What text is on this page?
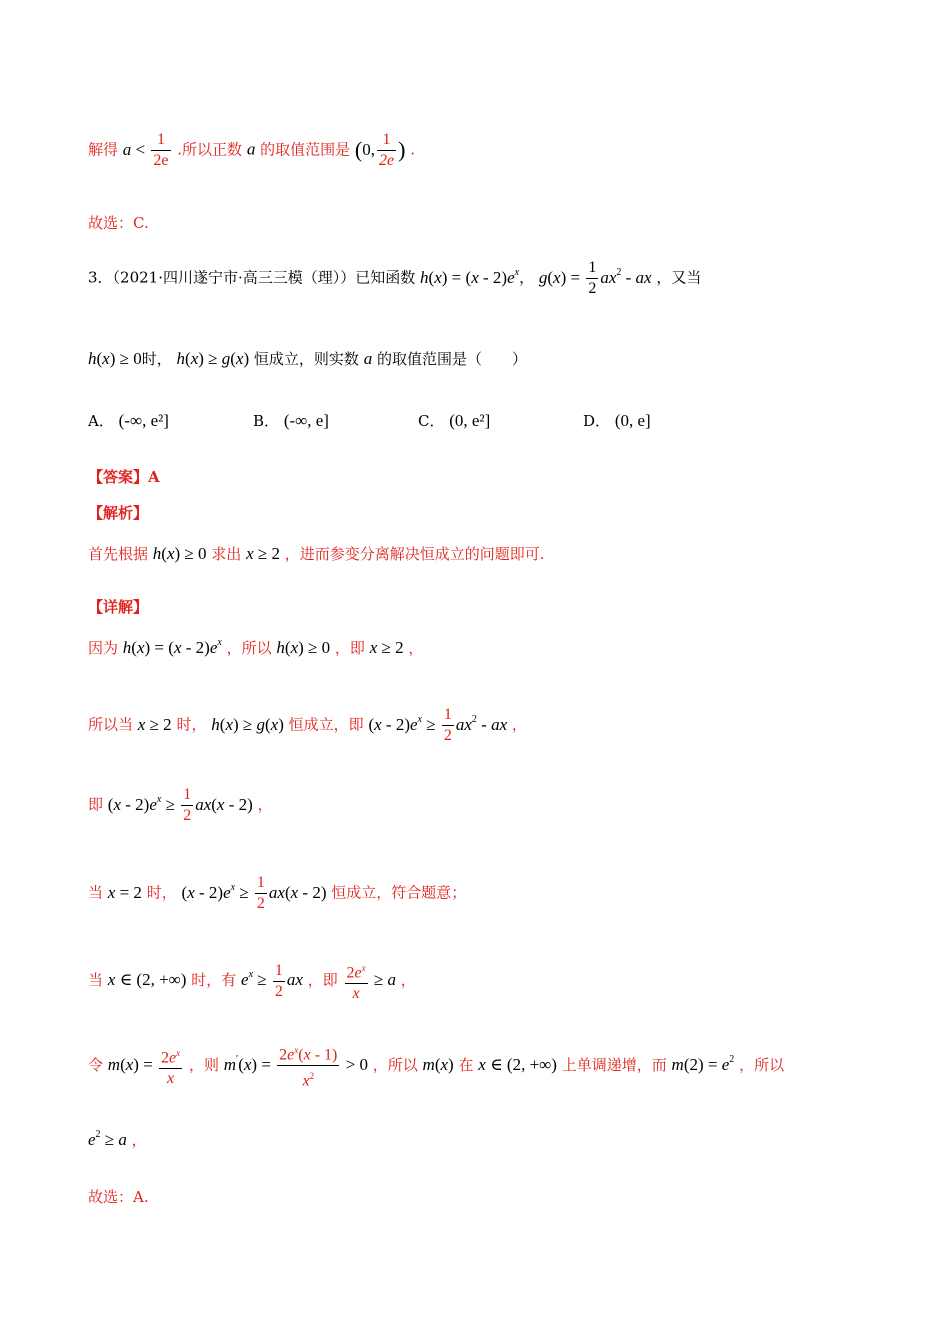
解得 $a < \frac{1}{2e}$ .所以正数 a 的取值范围是 (0, $\frac{1}{2e}$ ) .
故选：C.
3．（2021·四川遂宁市·高三三模（理））已知函数 $h(x) = (x - 2)e^x$， $g(x) = \frac{1}{2} ax^2$ - ax ，又当
h(x) ≥ 0时， h(x) ≥ g(x) 恒成立，则实数 a 的取值范围是（　　）
A． (-∞, e²]	B． (-∞, e]	C． (0, e²]	D． (0, e]
【答案】A
【解析】
首先根据 h(x) ≥ 0 求出 x ≥ 2 ，进而参变分离解决恒成立的问题即可.
【详解】
因为 $h(x) = (x - 2)e^x$ ，所以 h(x) ≥ 0 ，即 x ≥ 2 ，
所以当 x ≥ 2 时， h(x) ≥ g(x) 恒成立，即 $(x - 2)e^x \ge \frac{1}{2} ax^2$ - ax ，
即 $(x - 2)e^x \ge \frac{1}{2} ax(x - 2)$ ，
当 x = 2 时， $(x - 2)e^x \ge \frac{1}{2} ax(x - 2)$ 恒成立，符合题意；
当 x ∈ (2, +∞) 时，有 $e^x \ge \frac{1}{2}$ ax ，即 $\frac{2e^x}{x} \ge a$ ，
令 $m(x) = \frac{2e^x}{x}$ ，则 $m'(x) = \frac{2e^x(x - 1)}{x^2} > 0$ ，所以 m(x) 在 x ∈ (2, +∞) 上单调递增，而 $m(2) = e^2$ ，所以
$e^2 \ge a$ ，
故选：A.
